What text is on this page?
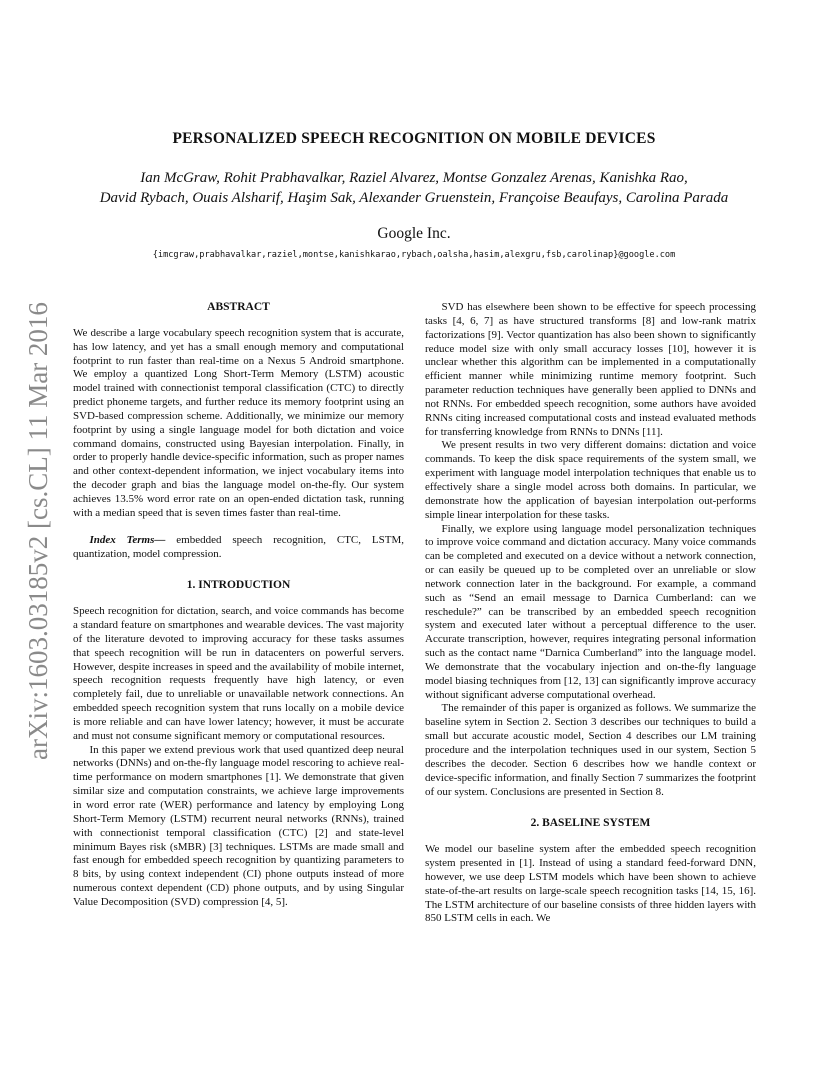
PERSONALIZED SPEECH RECOGNITION ON MOBILE DEVICES
Ian McGraw, Rohit Prabhavalkar, Raziel Alvarez, Montse Gonzalez Arenas, Kanishka Rao,
David Rybach, Ouais Alsharif, Haşim Sak, Alexander Gruenstein, Françoise Beaufays, Carolina Parada
Google Inc.
{imcgraw,prabhavalkar,raziel,montse,kanishkarao,rybach,oalsha,hasim,alexgru,fsb,carolinap}@google.com
arXiv:1603.03185v2 [cs.CL] 11 Mar 2016	ABSTRACT

We describe a large vocabulary speech recognition system that is accurate, has low latency, and yet has a small enough memory and computational footprint to run faster than real-time on a Nexus 5 Android smartphone. We employ a quantized Long Short-Term Memory (LSTM) acoustic model trained with connectionist temporal classification (CTC) to directly predict phoneme targets, and further reduce its memory footprint using an SVD-based compression scheme. Additionally, we minimize our memory footprint by using a single language model for both dictation and voice command domains, constructed using Bayesian interpolation. Finally, in order to properly handle device-specific information, such as proper names and other context-dependent information, we inject vocabulary items into the decoder graph and bias the language model on-the-fly. Our system achieves 13.5% word error rate on an open-ended dictation task, running with a median speed that is seven times faster than real-time.

Index Terms— embedded speech recognition, CTC, LSTM, quantization, model compression.

1. INTRODUCTION

Speech recognition for dictation, search, and voice commands has become a standard feature on smartphones and wearable devices. The vast majority of the literature devoted to improving accuracy for these tasks assumes that speech recognition will be run in datacenters on powerful servers. However, despite increases in speed and the availability of mobile internet, speech recognition requests frequently have high latency, or even completely fail, due to unreliable or unavailable network connections. An embedded speech recognition system that runs locally on a mobile device is more reliable and can have lower latency; however, it must be accurate and must not consume significant memory or computational resources.

In this paper we extend previous work that used quantized deep neural networks (DNNs) and on-the-fly language model rescoring to achieve real-time performance on modern smartphones [1]. We demonstrate that given similar size and computation constraints, we achieve large improvements in word error rate (WER) performance and latency by employing Long Short-Term Memory (LSTM) recurrent neural networks (RNNs), trained with connectionist temporal classification (CTC) [2] and state-level minimum Bayes risk (sMBR) [3] techniques. LSTMs are made small and fast enough for embedded speech recognition by quantizing parameters to 8 bits, by using context independent (CI) phone outputs instead of more numerous context dependent (CD) phone outputs, and by using Singular Value Decomposition (SVD) compression [4, 5].

SVD has elsewhere been shown to be effective for speech processing tasks [4, 6, 7] as have structured transforms [8] and low-rank matrix factorizations [9]. Vector quantization has also been shown to significantly reduce model size with only small accuracy losses [10], however it is unclear whether this algorithm can be implemented in a computationally efficient manner while minimizing runtime memory footprint. Such parameter reduction techniques have generally been applied to DNNs and not RNNs. For embedded speech recognition, some authors have avoided RNNs citing increased computational costs and instead evaluated methods for transferring knowledge from RNNs to DNNs [11].

We present results in two very different domains: dictation and voice commands. To keep the disk space requirements of the system small, we experiment with language model interpolation techniques that enable us to effectively share a single model across both domains. In particular, we demonstrate how the application of bayesian interpolation out-performs simple linear interpolation for these tasks.

Finally, we explore using language model personalization techniques to improve voice command and dictation accuracy. Many voice commands can be completed and executed on a device without a network connection, or can easily be queued up to be completed over an unreliable or slow network connection later in the background. For example, a command such as “Send an email message to Darnica Cumberland: can we reschedule?” can be transcribed by an embedded speech recognition system and executed later without a perceptual difference to the user. Accurate transcription, however, requires integrating personal information such as the contact name “Darnica Cumberland” into the language model. We demonstrate that the vocabulary injection and on-the-fly language model biasing techniques from [12, 13] can significantly improve accuracy without significant adverse computational overhead.

The remainder of this paper is organized as follows. We summarize the baseline sytem in Section 2. Section 3 describes our techniques to build a small but accurate acoustic model, Section 4 describes our LM training procedure and the interpolation techniques used in our system, Section 5 describes the decoder. Section 6 describes how we handle context or device-specific information, and finally Section 7 summarizes the footprint of our system. Conclusions are presented in Section 8.

2. BASELINE SYSTEM

We model our baseline system after the embedded speech recognition system presented in [1]. Instead of using a standard feed-forward DNN, however, we use deep LSTM models which have been shown to achieve state-of-the-art results on large-scale speech recognition tasks [14, 15, 16]. The LSTM architecture of our baseline consists of three hidden layers with 850 LSTM cells in each. We
